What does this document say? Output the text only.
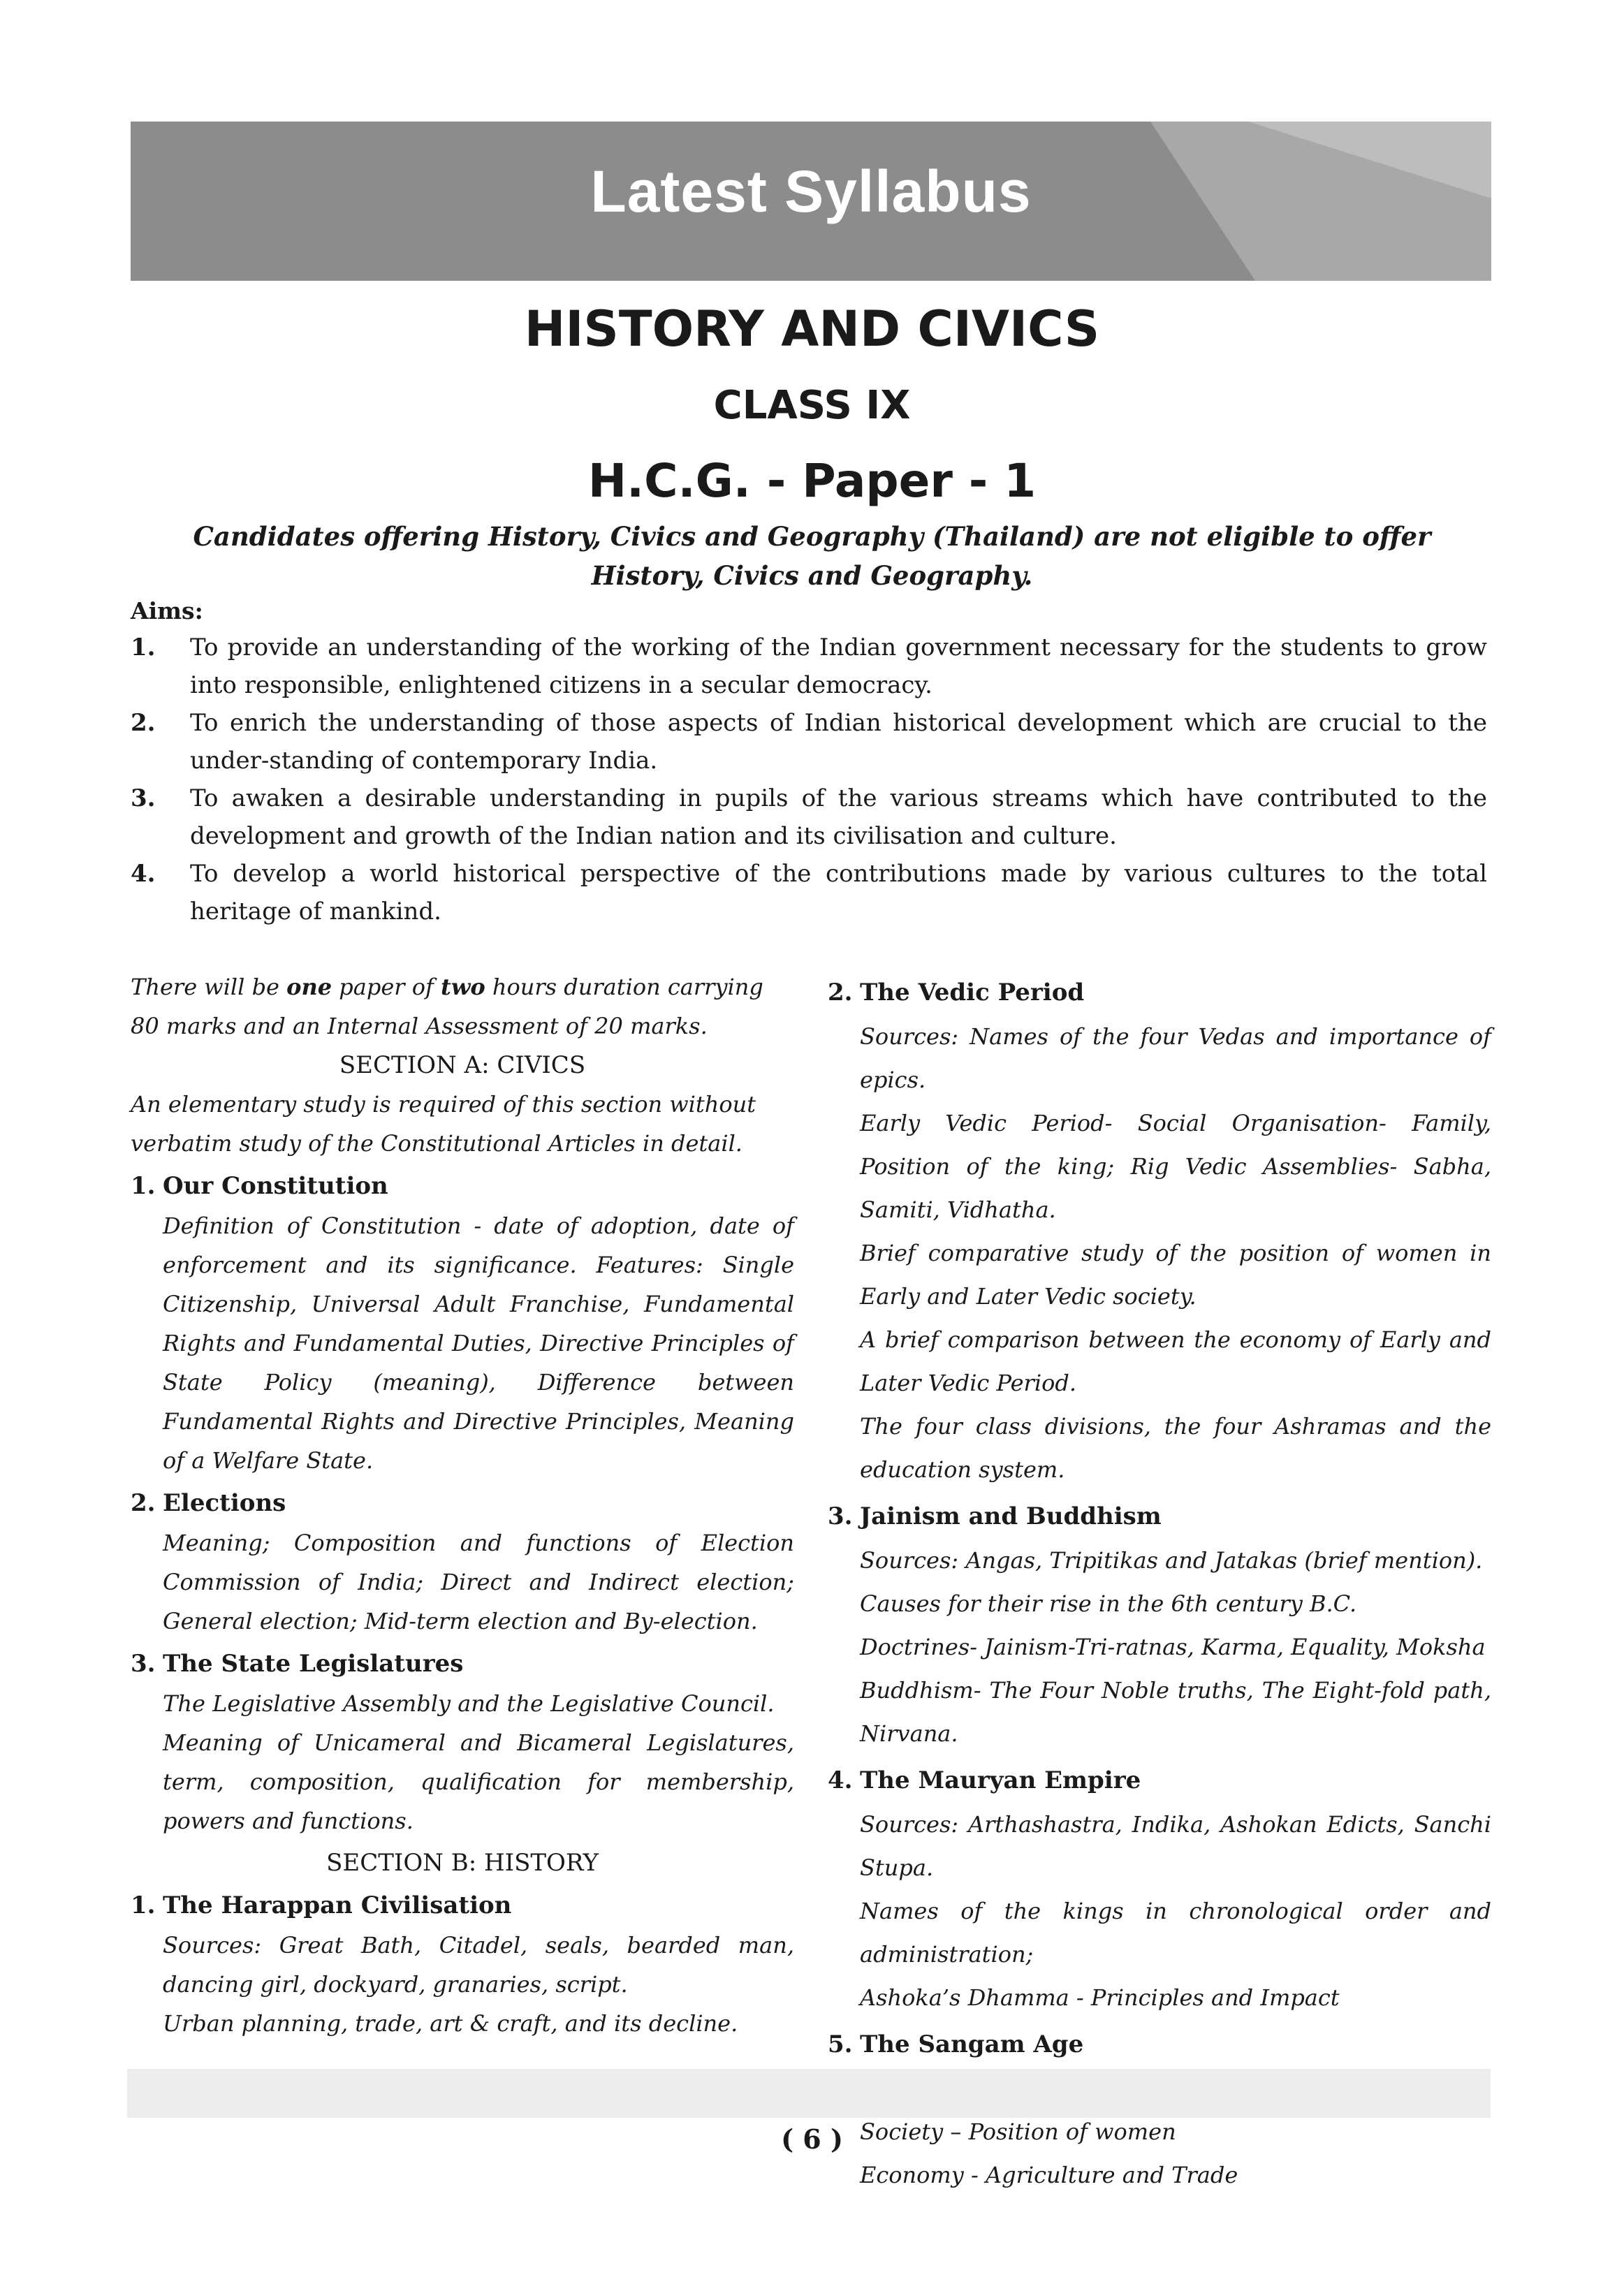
Latest Syllabus
HISTORY AND CIVICS
CLASS IX
H.C.G. - Paper - 1
Candidates offering History, Civics and Geography (Thailand) are not eligible to offer History, Civics and Geography.
Aims:
1. To provide an understanding of the working of the Indian government necessary for the students to grow into responsible, enlightened citizens in a secular democracy.
2. To enrich the understanding of those aspects of Indian historical development which are crucial to the under-standing of contemporary India.
3. To awaken a desirable understanding in pupils of the various streams which have contributed to the development and growth of the Indian nation and its civilisation and culture.
4. To develop a world historical perspective of the contributions made by various cultures to the total heritage of mankind.

There will be one paper of two hours duration carrying 80 marks and an Internal Assessment of 20 marks.

SECTION A: CIVICS

An elementary study is required of this section without verbatim study of the Constitutional Articles in detail.

1. Our Constitution
Definition of Constitution - date of adoption, date of enforcement and its significance. Features: Single Citizenship, Universal Adult Franchise, Fundamental Rights and Fundamental Duties, Directive Principles of State Policy (meaning), Difference between Fundamental Rights and Directive Principles, Meaning of a Welfare State.
2. Elections
Meaning; Composition and functions of Election Commission of India; Direct and Indirect election; General election; Mid-term election and By-election.
3. The State Legislatures
The Legislative Assembly and the Legislative Council.
Meaning of Unicameral and Bicameral Legislatures, term, composition, qualification for membership, powers and functions.
SECTION B: HISTORY
1. The Harappan Civilisation
Sources: Great Bath, Citadel, seals, bearded man, dancing girl, dockyard, granaries, script.
Urban planning, trade, art & craft, and its decline.
2. The Vedic Period
Sources: Names of the four Vedas and importance of epics.
Early Vedic Period- Social Organisation- Family, Position of the king; Rig Vedic Assemblies- Sabha, Samiti, Vidhatha.
Brief comparative study of the position of women in Early and Later Vedic society.
A brief comparison between the economy of Early and Later Vedic Period.
The four class divisions, the four Ashramas and the education system.
3. Jainism and Buddhism
Sources: Angas, Tripitikas and Jatakas (brief mention).
Causes for their rise in the 6th century B.C.
Doctrines- Jainism-Tri-ratnas, Karma, Equality, Moksha
Buddhism- The Four Noble truths, The Eight-fold path, Nirvana.
4. The Mauryan Empire
Sources: Arthashastra, Indika, Ashokan Edicts, Sanchi Stupa.
Names of the kings in chronological order and administration;
Ashoka’s Dhamma - Principles and Impact
5. The Sangam Age
Society – Position of women
Economy - Agriculture and Trade
( 6 )
